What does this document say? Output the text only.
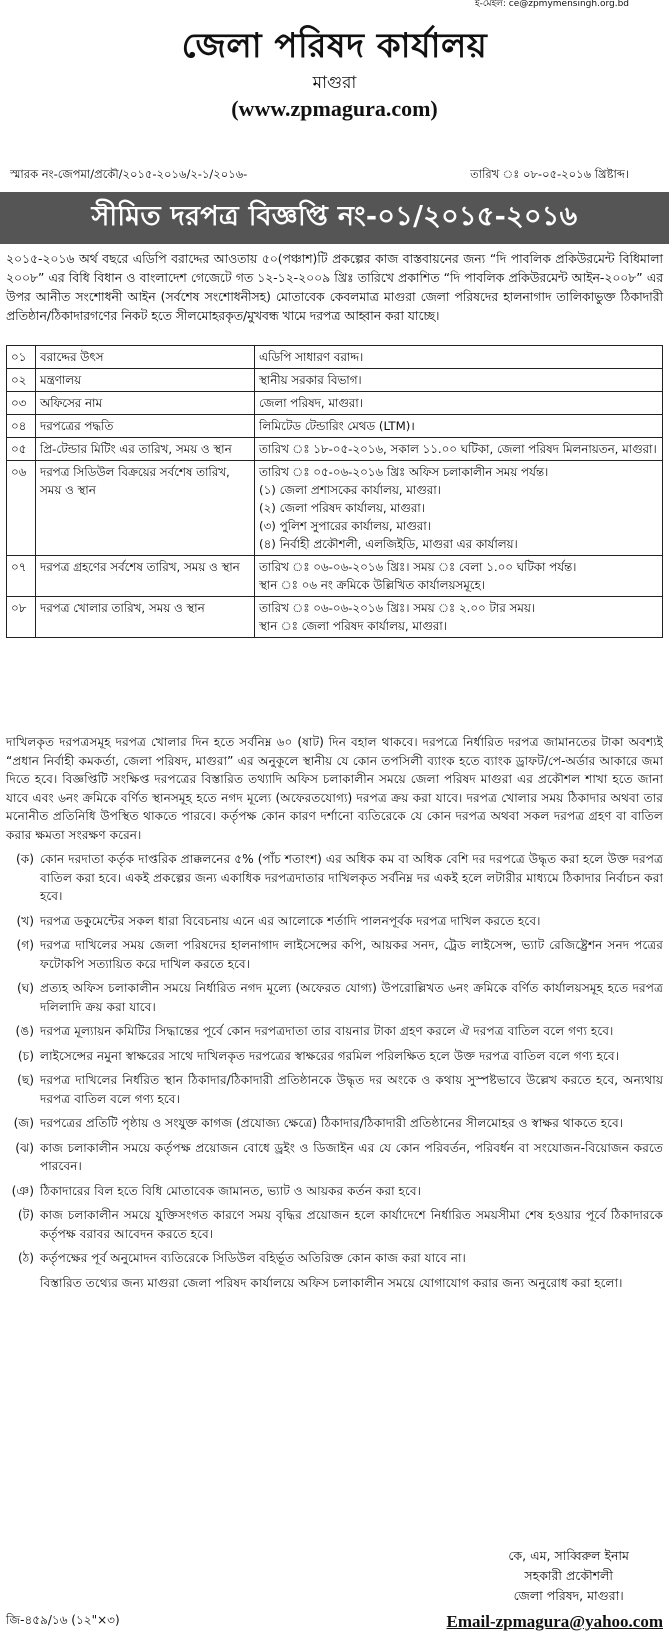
ই-মেইল: ce@zpmymensingh.org.bd
জেলা পরিষদ কার্যালয়
মাগুরা
(www.zpmagura.com)
স্মারক নং-জেপমা/প্রকৌ/২০১৫-২০১৬/২-১/২০১৬-	তারিখ ঃ ০৮-০৫-২০১৬ খ্রিষ্টাব্দ।
সীমিত দরপত্র বিজ্ঞপ্তি নং-০১/২০১৫-২০১৬
২০১৫-২০১৬ অর্থ বছরে এডিপি বরাদ্দের আওতায় ৫০(পঞ্চাশ)টি প্রকল্পের কাজ বাস্তবায়নের জন্য “দি পাবলিক প্রকিউরমেন্ট বিধিমালা ২০০৮” এর বিধি বিধান ও বাংলাদেশ গেজেটে গত ১২-১২-২০০৯ খ্রিঃ তারিখে প্রকাশিত “দি পাবলিক প্রকিউরমেন্ট আইন-২০০৮” এর উপর আনীত সংশোধনী আইন (সর্বশেষ সংশোধনীসহ) মোতাবেক কেবলমাত্র মাগুরা জেলা পরিষদের হালনাগাদ তালিকাভুক্ত ঠিকাদারী প্রতিষ্ঠান/ঠিকাদারগণের নিকট হতে সীলমোহরকৃত/মুখবন্ধ খামে দরপত্র আহ্বান করা যাচ্ছে।
০১	বরাদ্দের উৎস	এডিপি সাধারণ বরাদ্দ।

০২	মন্ত্রণালয়	স্থানীয় সরকার বিভাগ।

০৩	অফিসের নাম	জেলা পরিষদ, মাগুরা।

০৪	দরপত্রের পদ্ধতি	লিমিটেড টেন্ডারিং মেথড (LTM)।

০৫	প্রি-টেন্ডার মিটিং এর তারিখ, সময় ও স্থান	তারিখ ঃ ১৮-০৫-২০১৬, সকাল ১১.০০ ঘটিকা, জেলা পরিষদ মিলনায়তন, মাগুরা।

০৬	দরপত্র সিডিউল বিক্রয়ের সর্বশেষ তারিখ, সময় ও স্থান	তারিখ ঃ ০৫-০৬-২০১৬ খ্রিঃ অফিস চলাকালীন সময় পর্যন্ত।
(১) জেলা প্রশাসকের কার্যালয়, মাগুরা।
(২) জেলা পরিষদ কার্যালয়, মাগুরা।
(৩) পুলিশ সুপারের কার্যালয়, মাগুরা।
(৪) নির্বাহী প্রকৌশলী, এলজিইডি, মাগুরা এর কার্যালয়।

০৭	দরপত্র গ্রহণের সর্বশেষ তারিখ, সময় ও স্থান	তারিখ ঃ ০৬-০৬-২০১৬ খ্রিঃ। সময় ঃ বেলা ১.০০ ঘটিকা পর্যন্ত।
স্থান ঃ ০৬ নং ক্রমিকে উল্লিখিত কার্যালয়সমূহে।

০৮	দরপত্র খোলার তারিখ, সময় ও স্থান	তারিখ ঃ ০৬-০৬-২০১৬ খ্রিঃ। সময় ঃ ২.০০ টার সময়।
স্থান ঃ জেলা পরিষদ কার্যালয়, মাগুরা।

দাখিলকৃত দরপত্রসমূহ দরপত্র খোলার দিন হতে সর্বনিম্ন ৬০ (ষাট) দিন বহাল থাকবে। দরপত্রে নির্ধারিত দরপত্র জামানতের টাকা অবশ্যই “প্রধান নির্বাহী কমকর্তা, জেলা পরিষদ, মাগুরা” এর অনুকূলে স্থানীয় যে কোন তপসিলী ব্যাংক হতে ব্যাংক ড্রাফট/পে-অর্ডার আকারে জমা দিতে হবে। বিজ্ঞপ্তিটি সংক্ষিপ্ত দরপত্রের বিস্তারিত তথ্যাদি অফিস চলাকালীন সময়ে জেলা পরিষদ মাগুরা এর প্রকৌশল শাখা হতে জানা যাবে এবং ৬নং ক্রমিকে বর্ণিত স্থানসমূহ হতে নগদ মূল্যে (অফেরতযোগ্য) দরপত্র ক্রয় করা যাবে। দরপত্র খোলার সময় ঠিকাদার অথবা তার মনোনীত প্রতিনিধি উপস্থিত থাকতে পারবে। কর্তৃপক্ষ কোন কারণ দর্শানো ব্যতিরেকে যে কোন দরপত্র অথবা সকল দরপত্র গ্রহণ বা বাতিল করার ক্ষমতা সংরক্ষণ করেন।

(ক) কোন দরদাতা কর্তৃক দাপ্তরিক প্রাক্কলনের ৫% (পাঁচ শতাংশ) এর অধিক কম বা অধিক বেশি দর দরপত্রে উদ্ধৃত করা হলে উক্ত দরপত্র বাতিল করা হবে। একই প্রকল্পের জন্য একাধিক দরপত্রদাতার দাখিলকৃত সর্বনিম্ন দর একই হলে লটারীর মাধ্যমে ঠিকাদার নির্বাচন করা হবে।
(খ) দরপত্র ডকুমেন্টের সকল ধারা বিবেচনায় এনে এর আলোকে শর্তাদি পালনপূর্বক দরপত্র দাখিল করতে হবে।
(গ) দরপত্র দাখিলের সময় জেলা পরিষদের হালনাগাদ লাইসেন্সের কপি, আয়কর সনদ, ট্রেড লাইসেন্স, ভ্যাট রেজিষ্ট্রেশন সনদ পত্রের ফটোকপি সত্যায়িত করে দাখিল করতে হবে।
(ঘ) প্রত্যহ অফিস চলাকালীন সময়ে নির্ধারিত নগদ মূল্যে (অফেরত যোগ্য) উপরোল্লিখত ৬নং ক্রমিকে বর্ণিত কার্যালয়সমূহ হতে দরপত্র দলিলাদি ক্রয় করা যাবে।
(ঙ) দরপত্র মূল্যায়ন কমিটির সিদ্ধান্তের পূর্বে কোন দরপত্রদাতা তার বায়নার টাকা গ্রহণ করলে ঐ দরপত্র বাতিল বলে গণ্য হবে।
(চ) লাইসেন্সের নমুনা স্বাক্ষরের সাথে দাখিলকৃত দরপত্রের স্বাক্ষরের গরমিল পরিলক্ষিত হলে উক্ত দরপত্র বাতিল বলে গণ্য হবে।
(ছ) দরপত্র দাখিলের নির্ধরিত স্থান ঠিকাদার/ঠিকাদারী প্রতিষ্ঠানকে উদ্ধৃত দর অংকে ও কথায় সুস্পষ্টভাবে উল্লেখ করতে হবে, অন্যথায় দরপত্র বাতিল বলে গণ্য হবে।
(জ) দরপত্রের প্রতিটি পৃষ্ঠায় ও সংযুক্ত কাগজ (প্রযোজ্য ক্ষেত্রে) ঠিকাদার/ঠিকাদারী প্রতিষ্ঠানের সীলমোহর ও স্বাক্ষর থাকতে হবে।
(ঝ) কাজ চলাকালীন সময়ে কর্তৃপক্ষ প্রয়োজন বোধে ড্রইং ও ডিজাইন এর যে কোন পরিবর্তন, পরিবর্ধন বা সংযোজন-বিয়োজন করতে পারবেন।
(ঞ) ঠিকাদারের বিল হতে বিধি মোতাবেক জামানত, ভ্যাট ও আয়কর কর্তন করা হবে।
(ট) কাজ চলাকালীন সময়ে যুক্তিসংগত কারণে সময় বৃদ্ধির প্রয়োজন হলে কার্যাদেশে নির্ধারিত সময়সীমা শেষ হওয়ার পূর্বে ঠিকাদারকে কর্তৃপক্ষ বরাবর আবেদন করতে হবে।
(ঠ) কর্তৃপক্ষের পূর্ব অনুমোদন ব্যতিরেকে সিডিউল বহির্ভূত অতিরিক্ত কোন কাজ করা যাবে না।
বিস্তারিত তথ্যের জন্য মাগুরা জেলা পরিষদ কার্যালয়ে অফিস চলাকালীন সময়ে যোগাযোগ করার জন্য অনুরোধ করা হলো।
কে, এম, সাব্বিরুল ইনাম
সহকারী প্রকৌশলী
জেলা পরিষদ, মাগুরা।
জি-৪৫৯/১৬ (১২"×৩)	Email-zpmagura@yahoo.com
